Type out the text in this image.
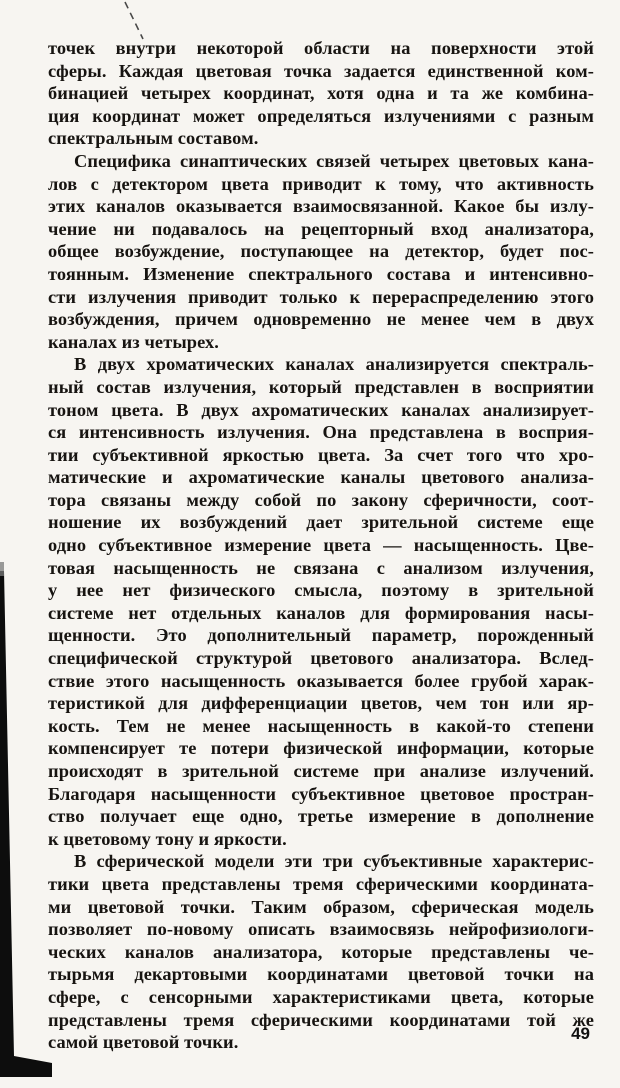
точек внутри некоторой области на поверхности этой
сферы. Каждая цветовая точка задается единственной ком-
бинацией четырех координат, хотя одна и та же комбина-
ция координат может определяться излучениями с разным
спектральным составом.
Специфика синаптических связей четырех цветовых кана-
лов с детектором цвета приводит к тому, что активность
этих каналов оказывается взаимосвязанной. Какое бы излу-
чение ни подавалось на рецепторный вход анализатора,
общее возбуждение, поступающее на детектор, будет пос-
тоянным. Изменение спектрального состава и интенсивно-
сти излучения приводит только к перераспределению этого
возбуждения, причем одновременно не менее чем в двух
каналах из четырех.
В двух хроматических каналах анализируется спектраль-
ный состав излучения, который представлен в восприятии
тоном цвета. В двух ахроматических каналах анализирует-
ся интенсивность излучения. Она представлена в восприя-
тии субъективной яркостью цвета. За счет того что хро-
матические и ахроматические каналы цветового анализа-
тора связаны между собой по закону сферичности, соот-
ношение их возбуждений дает зрительной системе еще
одно субъективное измерение цвета — насыщенность. Цве-
товая насыщенность не связана с анализом излучения,
у нее нет физического смысла, поэтому в зрительной
системе нет отдельных каналов для формирования насы-
щенности. Это дополнительный параметр, порожденный
специфической структурой цветового анализатора. Вслед-
ствие этого насыщенность оказывается более грубой харак-
теристикой для дифференциации цветов, чем тон или яр-
кость. Тем не менее насыщенность в какой-то степени
компенсирует те потери физической информации, которые
происходят в зрительной системе при анализе излучений.
Благодаря насыщенности субъективное цветовое простран-
ство получает еще одно, третье измерение в дополнение
к цветовому тону и яркости.
В сферической модели эти три субъективные характерис-
тики цвета представлены тремя сферическими координата-
ми цветовой точки. Таким образом, сферическая модель
позволяет по-новому описать взаимосвязь нейрофизиологи-
ческих каналов анализатора, которые представлены че-
тырьмя декартовыми координатами цветовой точки на
сфере, с сенсорными характеристиками цвета, которые
представлены тремя сферическими координатами той же
самой цветовой точки.	49
